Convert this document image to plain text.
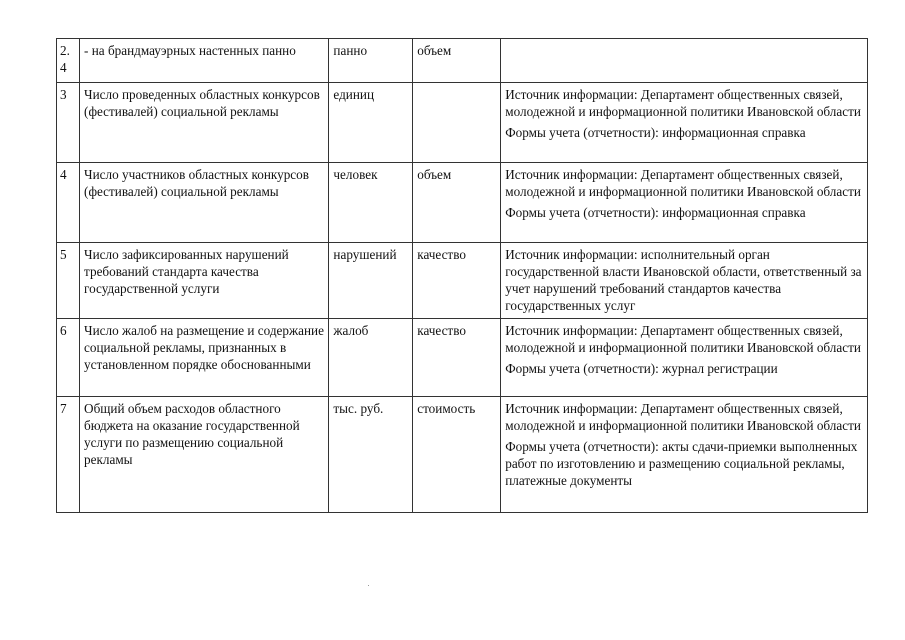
2.4	- на брандмауэрных настенных панно	панно	объем	

3	Число проведенных областных конкурсов (фестивалей) социальной рекламы	единиц		Источник информации: Департамент общественных связей, молодежной и информационной политики Ивановской области
Формы учета (отчетности): информационная справка

4	Число участников областных конкурсов (фестивалей) социальной рекламы	человек	объем	Источник информации: Департамент общественных связей, молодежной и информационной политики Ивановской области
Формы учета (отчетности): информационная справка

5	Число зафиксированных нарушений требований стандарта качества государственной услуги	нарушений	качество	Источник информации: исполнительный орган государственной власти Ивановской области, ответственный за учет нарушений требований стандартов качества государственных услуг

6	Число жалоб на размещение и содержание социальной рекламы, признанных в установленном порядке обоснованными	жалоб	качество	Источник информации: Департамент общественных связей, молодежной и информационной политики Ивановской области
Формы учета (отчетности): журнал регистрации

7	Общий объем расходов областного бюджета на оказание государственной услуги по размещению социальной рекламы	тыс. руб.	стоимость	Источник информации: Департамент общественных связей, молодежной и информационной политики Ивановской области
Формы учета (отчетности): акты сдачи-приемки выполненных работ по изготовлению и размещению социальной рекламы, платежные документы
